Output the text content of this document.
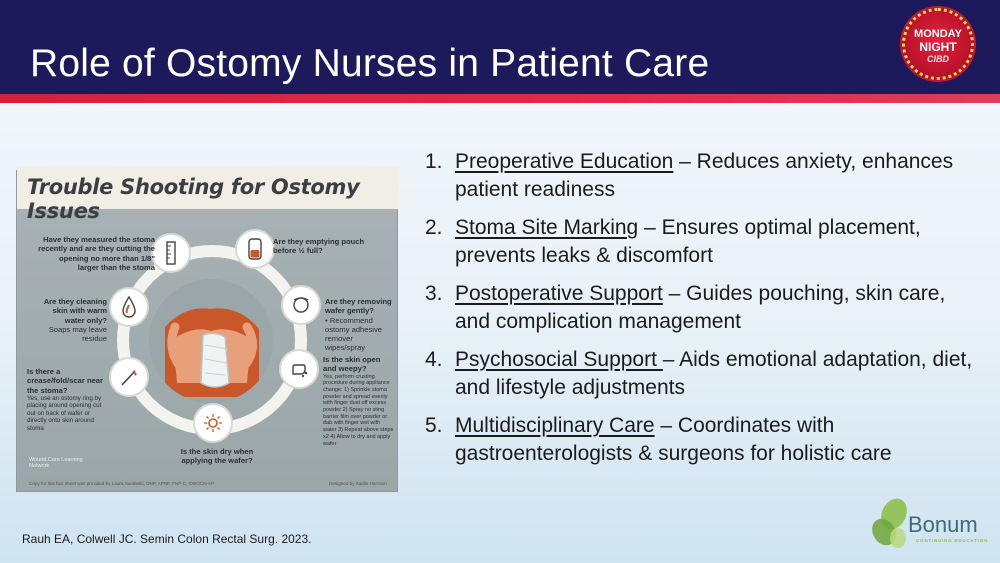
Role of Ostomy Nurses in Patient Care
MONDAY
NIGHT
CIBD
Trouble Shooting for Ostomy Issues
Have they measured the stoma recently and are they cutting the opening no more than 1/8" larger than the stoma
Are they emptying pouch before ½ full?
Are they cleaning skin with warm water only?
Soaps may leave residue
Are they removing wafer gently?
• Recommend ostomy adhesive remover wipes/spray
Is there a crease/fold/scar near the stoma?
Yes, use an ostomy ring by placing around opening cut out on back of wafer or directly onto skin around stoma
Is the skin open and weepy?
Yes, perform crusting procedure during appliance change: 1) Sprinkle stoma powder and spread evenly with finger dust off excess powder 2) Spray no sting barrier film over powder or dab with finger wet with water 3) Repeat above steps x2 4) Allow to dry and apply wafer
Is the skin dry when applying the wafer?
Wound Care Learning Network
Copy for this fact sheet was provided by Laura Sundeski, DNP, APNP, FNP-C, CWOCN-AP	Designed by Kaitlin Harrison
1. Preoperative Education – Reduces anxiety, enhances patient readiness
2. Stoma Site Marking – Ensures optimal placement, prevents leaks & discomfort
3. Postoperative Support – Guides pouching, skin care, and complication management
4. Psychosocial Support – Aids emotional adaptation, diet, and lifestyle adjustments
5. Multidisciplinary Care – Coordinates with gastroenterologists & surgeons for holistic care
Rauh EA, Colwell JC. Semin Colon Rectal Surg. 2023.
Bonum
CONTINUING EDUCATION
